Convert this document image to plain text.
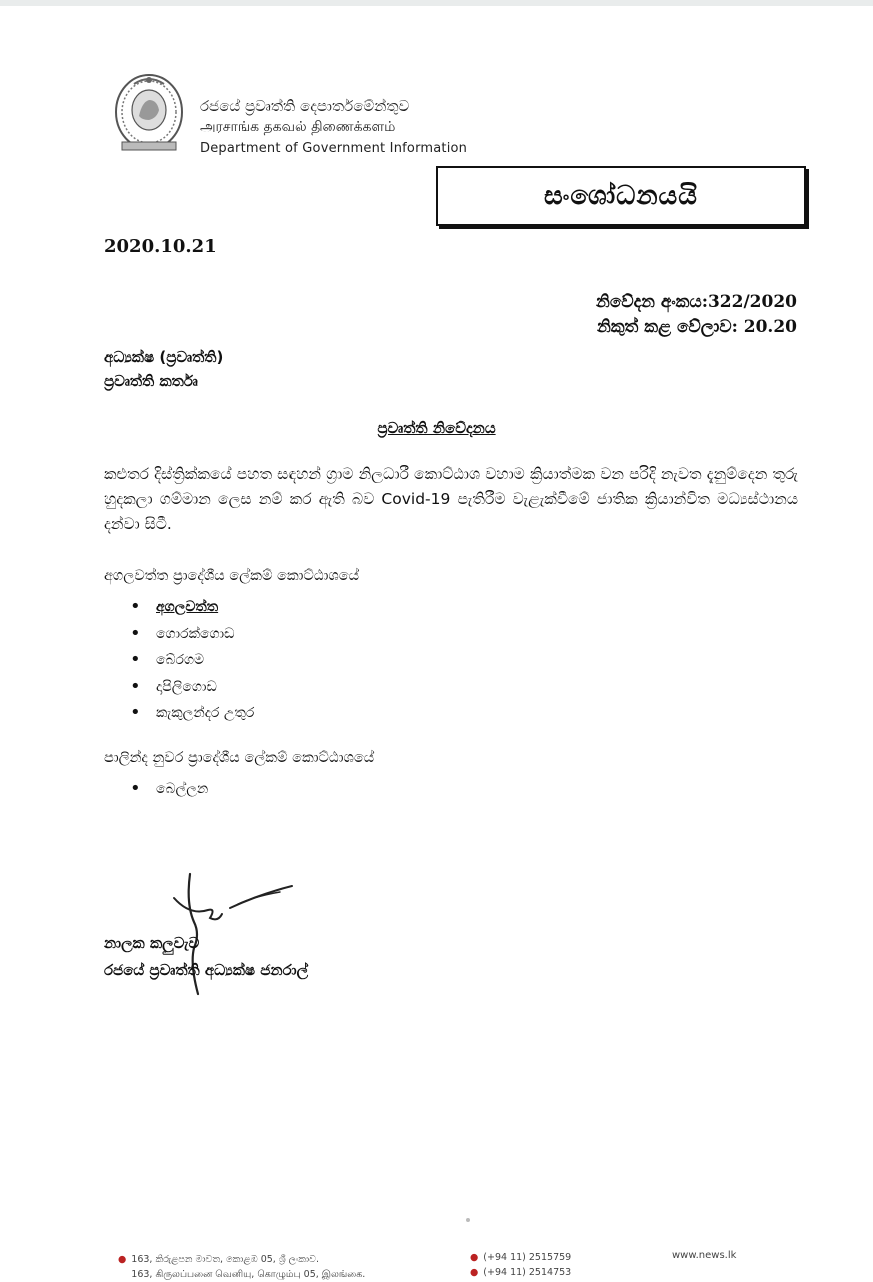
රජයේ ප්‍රවෘත්ති දෙපාර්තමේන්තුව
அரசாங்க தகவல் திணைக்களம்
Department of Government Information
සංශෝධනයයි
2020.10.21
නිවේදන අංකය:322/2020
නිකුත් කළ වේලාව: 20.20
අධ්‍යක්ෂ (ප්‍රවෘත්ති)
ප්‍රවෘත්ති කර්තෘ
ප්‍රවෘත්ති නිවේදනය
කළුතර දිස්ත්‍රික්කයේ පහත සඳහන් ග්‍රාම නිලධාරී කොට්ඨාශ වහාම ක්‍රියාත්මක වන පරිදි නැවත දැනුම්දෙන තුරු හුදකලා ගම්මාන ලෙස නම් කර ඇති බව Covid-19 පැතිරීම වැළැක්වීමේ ජාතික ක්‍රියාන්විත මධ්‍යස්ථානය දන්වා සිටී.
අගලවත්ත ප්‍රාදේශීය ලේකම් කොට්ඨාශයේ
• අගලවත්ත
• ගොරක්ගොඩ
• බේරගම
• දාපිලිගොඩ
• කැකුලන්දර උතුර
පාලින්ද නුවර ප්‍රාදේශීය ලේකම් කොට්ඨාශයේ
• බෙල්ලන
නාලක කලුවැව
රජයේ ප්‍රවෘත්ති අධ්‍යක්ෂ ජනරාල්
● 163, කිරුළපන මාවත, කොළඹ 05, ශ්‍රී ලංකාව.
163, கிருலப்பனை வெனியு, கொழும்பு 05, இலங்கை.
● (+94 11) 2515759
● (+94 11) 2514753
www.news.lk
